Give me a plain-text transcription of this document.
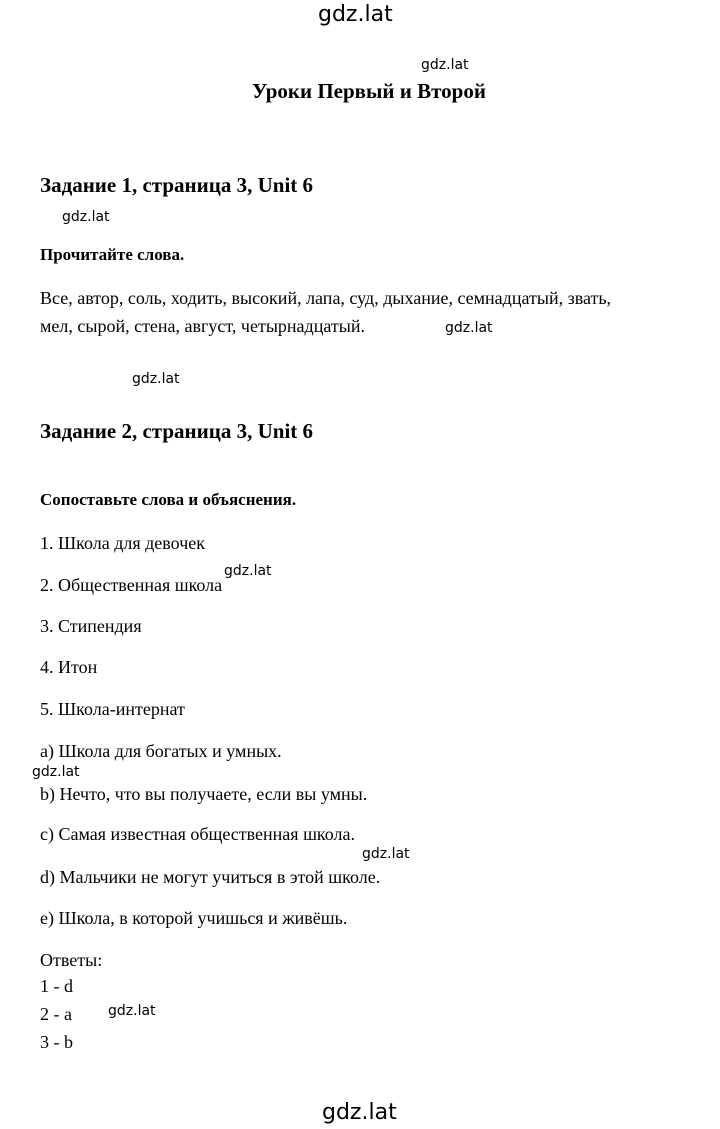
gdz.lat
gdz.lat
gdz.lat
gdz.lat
gdz.lat
gdz.lat
gdz.lat
gdz.lat
gdz.lat
gdz.lat
Уроки Первый и Второй
Задание 1, страница 3, Unit 6
Прочитайте слова.
Все, автор, соль, ходить, высокий, лапа, суд, дыхание, семнадцатый, звать,
мел, сырой, стена, август, четырнадцатый.
Задание 2, страница 3, Unit 6
Сопоставьте слова и объяснения.
1. Школа для девочек
2. Общественная школа
3. Стипендия
4. Итон
5. Школа-интернат
a) Школа для богатых и умных.
b) Нечто, что вы получаете, если вы умны.
c) Самая известная общественная школа.
d) Мальчики не могут учиться в этой школе.
e) Школа, в которой учишься и живёшь.
Ответы:
1 - d
2 - a
3 - b
